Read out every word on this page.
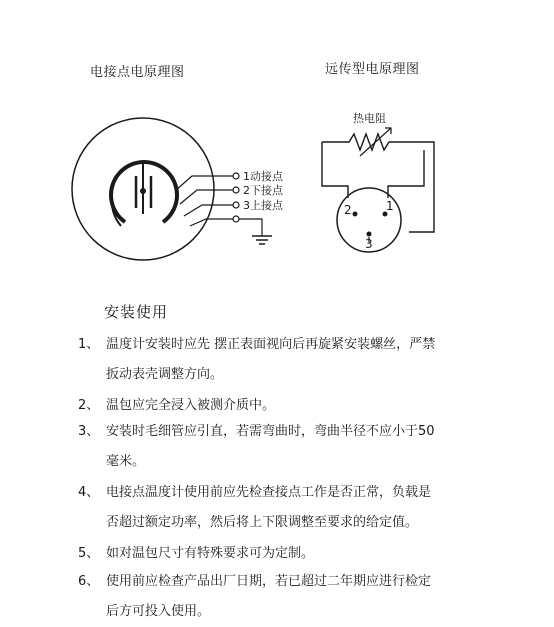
电接点电原理图	远传型电原理图
1动接点
2下接点
3上接点
热电阻
2	1
3
安装使用
1、 温度计安装时应先 摆正表面视向后再旋紧安装螺丝，严禁
扳动表壳调整方向。
2、 温包应完全浸入被测介质中。
3、 安装时毛细管应引直，若需弯曲时，弯曲半径不应小于50
毫米。
4、 电接点温度计使用前应先检查接点工作是否正常，负载是
否超过额定功率，然后将上下限调整至要求的给定值。
5、 如对温包尺寸有特殊要求可为定制。
6、 使用前应检查产品出厂日期，若已超过二年期应进行检定
后方可投入使用。
